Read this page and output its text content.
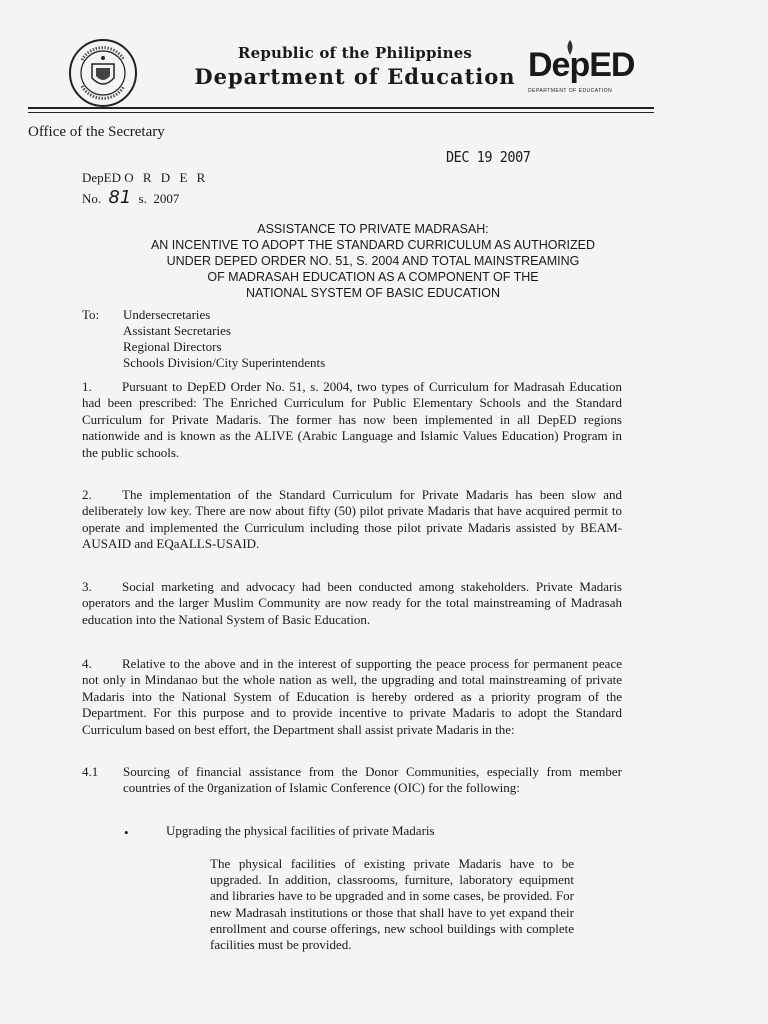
Republic of the Philippines
Department of Education DepED
DEPARTMENT OF EDUCATION
Office of the Secretary
DEC 19 2007
DepED O R D E R
No. 81 s. 2007
ASSISTANCE TO PRIVATE MADRASAH:
AN INCENTIVE TO ADOPT THE STANDARD CURRICULUM AS AUTHORIZED
UNDER DEPED ORDER NO. 51, S. 2004 AND TOTAL MAINSTREAMING
OF MADRASAH EDUCATION AS A COMPONENT OF THE
NATIONAL SYSTEM OF BASIC EDUCATION
To: Undersecretaries
Assistant Secretaries
Regional Directors
Schools Division/City Superintendents
1. Pursuant to DepED Order No. 51, s. 2004, two types of Curriculum for Madrasah Education had been prescribed: The Enriched Curriculum for Public Elementary Schools and the Standard Curriculum for Private Madaris. The former has now been implemented in all DepED regions nationwide and is known as the ALIVE (Arabic Language and Islamic Values Education) Program in the public schools.
2. The implementation of the Standard Curriculum for Private Madaris has been slow and deliberately low key. There are now about fifty (50) pilot private Madaris that have acquired permit to operate and implemented the Curriculum including those pilot private Madaris assisted by BEAM-AUSAID and EQaALLS-USAID.
3. Social marketing and advocacy had been conducted among stakeholders. Private Madaris operators and the larger Muslim Community are now ready for the total mainstreaming of Madrasah education into the National System of Basic Education.
4. Relative to the above and in the interest of supporting the peace process for permanent peace not only in Mindanao but the whole nation as well, the upgrading and total mainstreaming of private Madaris into the National System of Education is hereby ordered as a priority program of the Department. For this purpose and to provide incentive to private Madaris to adopt the Standard Curriculum based on best effort, the Department shall assist private Madaris in the:
4.1 Sourcing of financial assistance from the Donor Communities, especially from member countries of the 0rganization of Islamic Conference (OIC) for the following:
•	Upgrading the physical facilities of private Madaris
The physical facilities of existing private Madaris have to be upgraded. In addition, classrooms, furniture, laboratory equipment and libraries have to be upgraded and in some cases, be provided. For new Madrasah institutions or those that shall have to yet expand their enrollment and course offerings, new school buildings with complete facilities must be provided.
